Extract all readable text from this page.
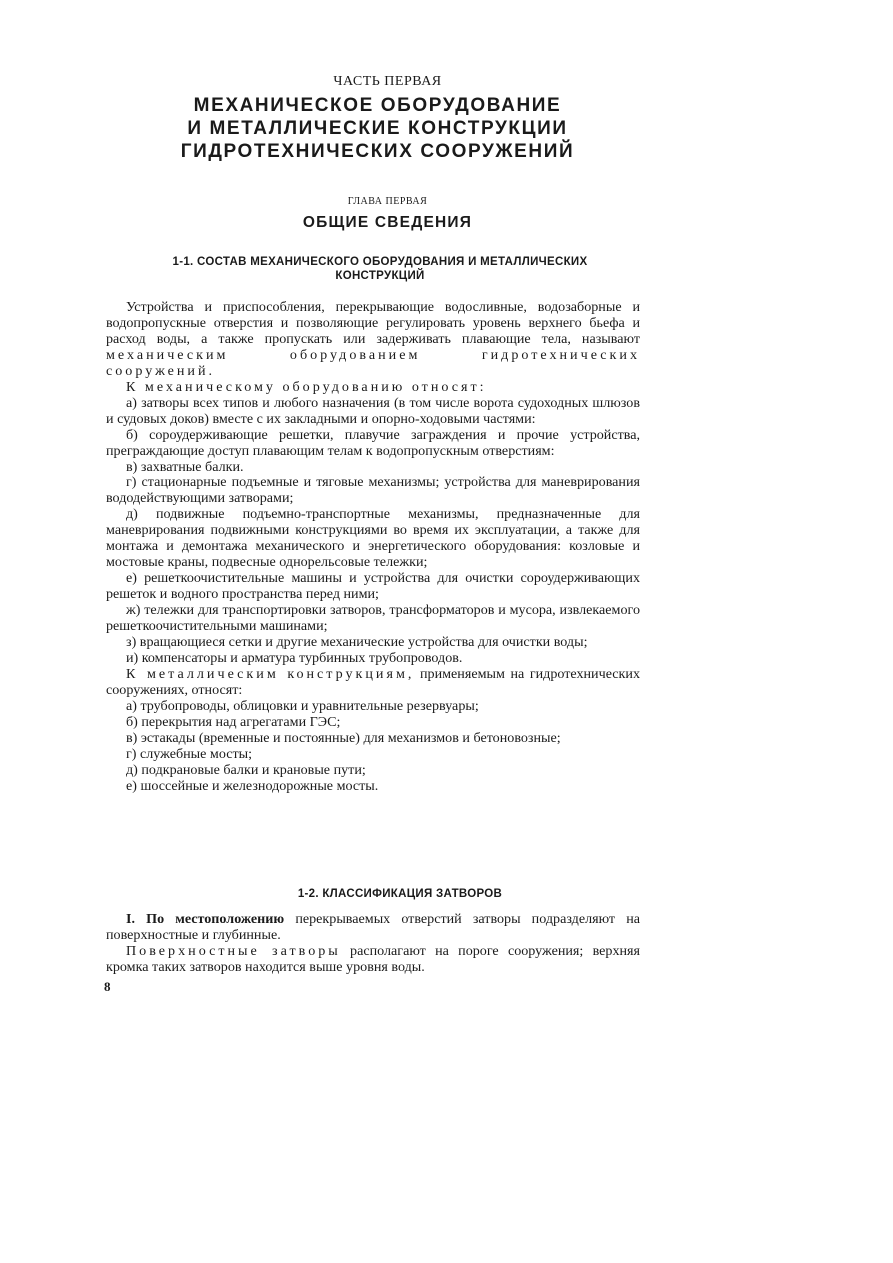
ЧАСТЬ ПЕРВАЯ
МЕХАНИЧЕСКОЕ ОБОРУДОВАНИЕ
И МЕТАЛЛИЧЕСКИЕ КОНСТРУКЦИИ
ГИДРОТЕХНИЧЕСКИХ СООРУЖЕНИЙ
ГЛАВА ПЕРВАЯ
ОБЩИЕ СВЕДЕНИЯ
1-1. СОСТАВ МЕХАНИЧЕСКОГО ОБОРУДОВАНИЯ И МЕТАЛЛИЧЕСКИХ
КОНСТРУКЦИЙ

Устройства и приспособления, перекрывающие водосливные, водозаборные и водопропускные отверстия и позволяющие регулировать уровень верхнего бьефа и расход воды, а также пропускать или задерживать плавающие тела, называют механическим оборудованием гидротехнических сооружений.

К механическому оборудованию относят:

а) затворы всех типов и любого назначения (в том числе ворота судоходных шлюзов и судовых доков) вместе с их закладными и опорно-ходовыми частями:

б) сороудерживающие решетки, плавучие заграждения и прочие устройства, преграждающие доступ плавающим телам к водопропускным отверстиям:

в) захватные балки.

г) стационарные подъемные и тяговые механизмы; устройства для маневрирования вододействующими затворами;

д) подвижные подъемно-транспортные механизмы, предназначенные для маневрирования подвижными конструкциями во время их эксплуатации, а также для монтажа и демонтажа механического и энергетического оборудования: козловые и мостовые краны, подвесные однорельсовые тележки;

е) решеткоочистительные машины и устройства для очистки сороудерживающих решеток и водного пространства перед ними;

ж) тележки для транспортировки затворов, трансформаторов и мусора, извлекаемого решеткоочистительными машинами;

з) вращающиеся сетки и другие механические устройства для очистки воды;

и) компенсаторы и арматура турбинных трубопроводов.

К металлическим конструкциям, применяемым на гидротехнических сооружениях, относят:

а) трубопроводы, облицовки и уравнительные резервуары;

б) перекрытия над агрегатами ГЭС;

в) эстакады (временные и постоянные) для механизмов и бетоновозные;

г) служебные мосты;

д) подкрановые балки и крановые пути;

е) шоссейные и железнодорожные мосты.

1-2. КЛАССИФИКАЦИЯ ЗАТВОРОВ

I. По местоположению перекрываемых отверстий затворы подразделяют на поверхностные и глубинные.

Поверхностные затворы располагают на пороге сооружения; верхняя кромка таких затворов находится выше уровня воды.

8
